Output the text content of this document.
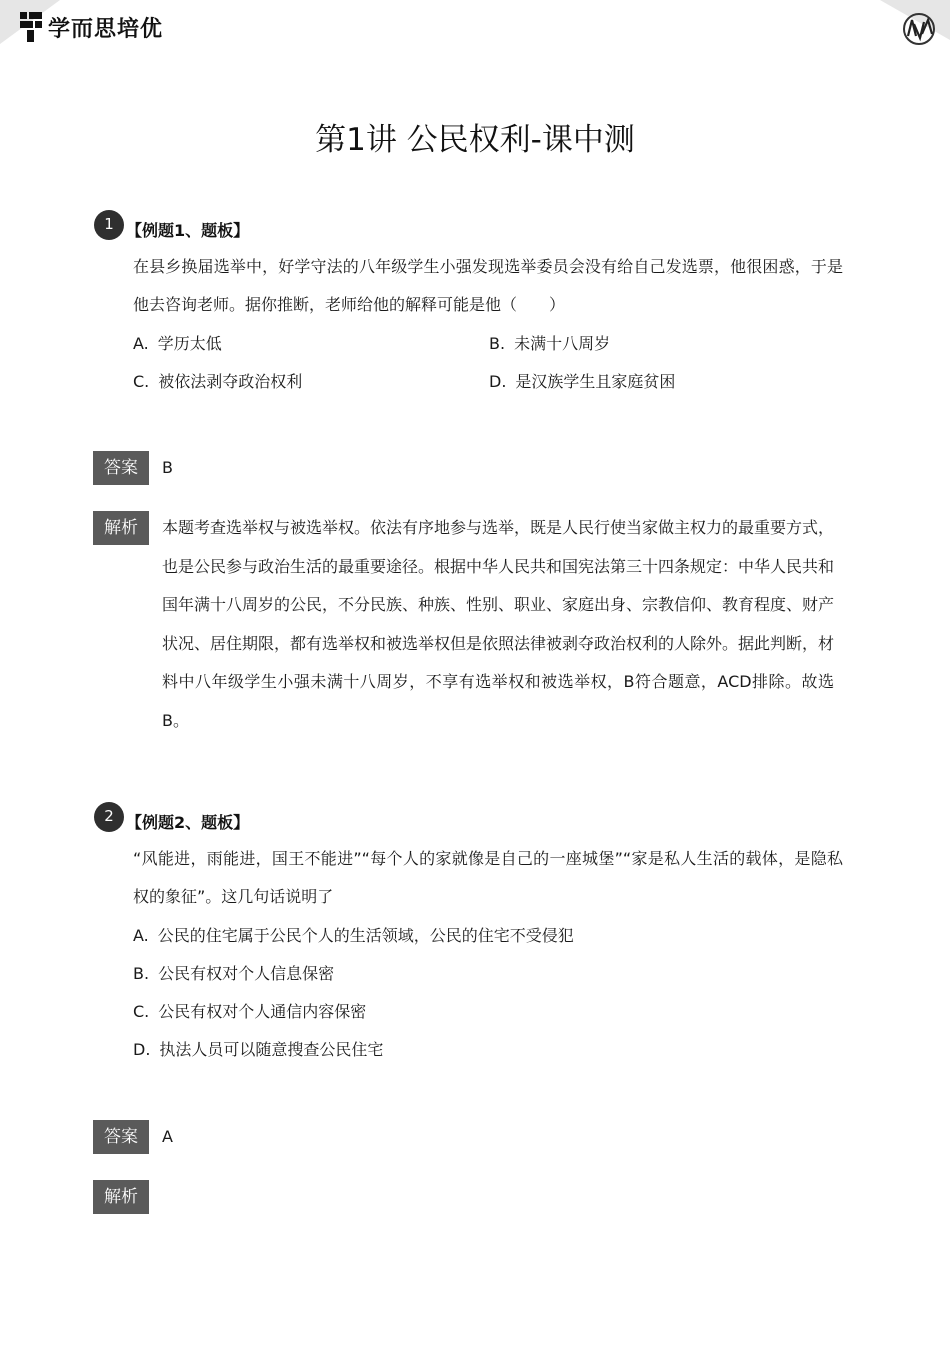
学而思培优
第1讲 公民权利-课中测
1 【例题1、题板】
在县乡换届选举中，好学守法的八年级学生小强发现选举委员会没有给自己发选票，他很困惑，于是他去咨询老师。据你推断，老师给他的解释可能是他（　　）
A. 学历太低	B. 未满十八周岁
C. 被依法剥夺政治权利	D. 是汉族学生且家庭贫困
答案	B
解析	本题考查选举权与被选举权。依法有序地参与选举，既是人民行使当家做主权力的最重要方式，也是公民参与政治生活的最重要途径。根据中华人民共和国宪法第三十四条规定：中华人民共和国年满十八周岁的公民，不分民族、种族、性别、职业、家庭出身、宗教信仰、教育程度、财产状况、居住期限，都有选举权和被选举权但是依照法律被剥夺政治权利的人除外。据此判断，材料中八年级学生小强未满十八周岁，不享有选举权和被选举权，B符合题意，ACD排除。故选B。
2 【例题2、题板】
“风能进，雨能进，国王不能进”“每个人的家就像是自己的一座城堡”“家是私人生活的载体，是隐私权的象征”。这几句话说明了
A. 公民的住宅属于公民个人的生活领域，公民的住宅不受侵犯
B. 公民有权对个人信息保密
C. 公民有权对个人通信内容保密
D. 执法人员可以随意搜查公民住宅
答案	A
解析
